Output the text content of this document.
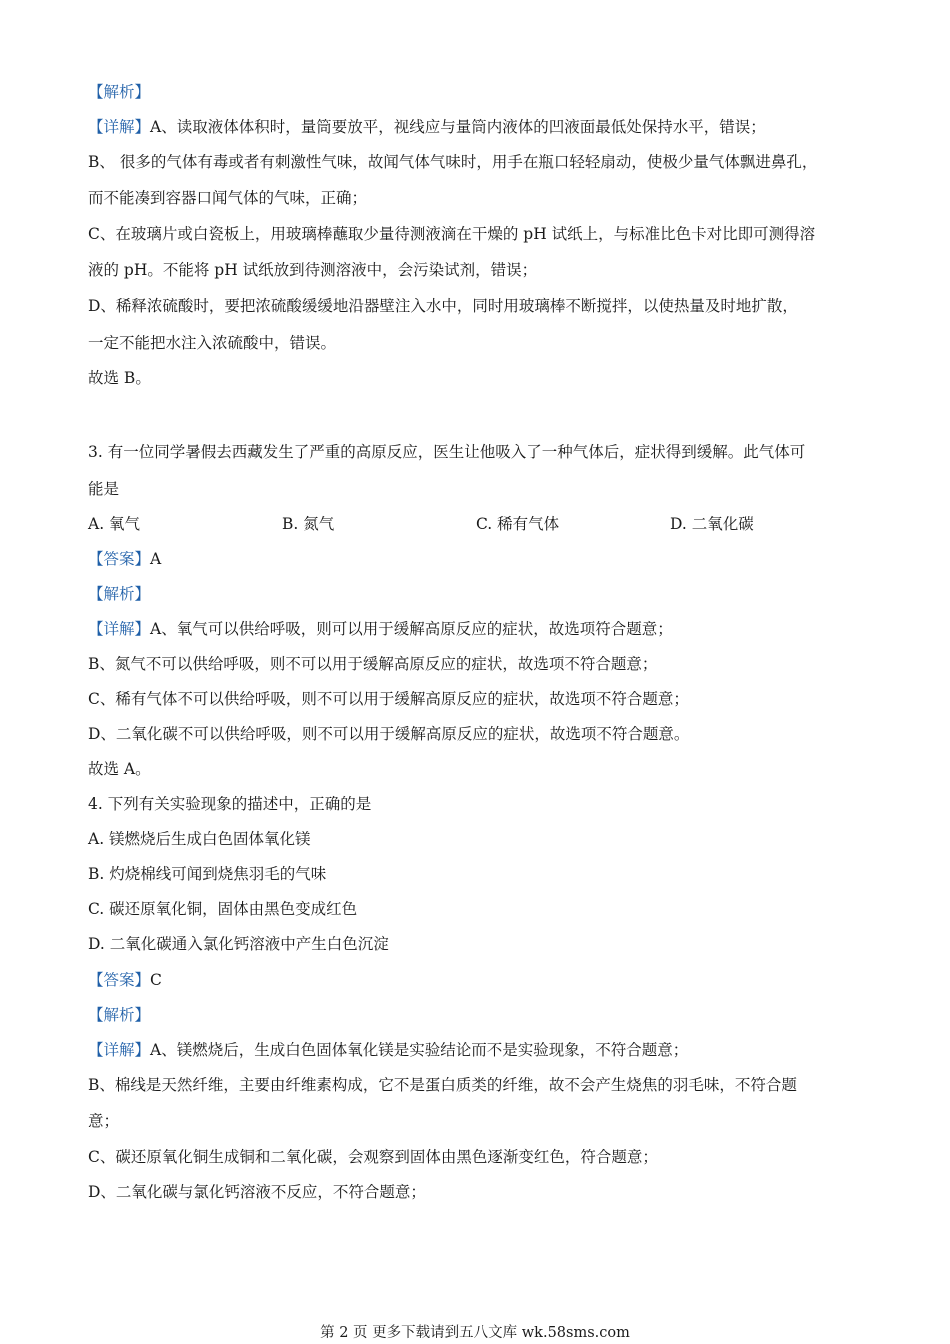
【解析】
【详解】A、读取液体体积时，量筒要放平，视线应与量筒内液体的凹液面最低处保持水平，错误；
B、 很多的气体有毒或者有刺激性气味，故闻气体气味时，用手在瓶口轻轻扇动，使极少量气体飘进鼻孔，
而不能凑到容器口闻气体的气味，正确；
C、在玻璃片或白瓷板上，用玻璃棒蘸取少量待测液滴在干燥的 pH 试纸上，与标准比色卡对比即可测得溶
液的 pH。不能将 pH 试纸放到待测溶液中，会污染试剂，错误；
D、稀释浓硫酸时，要把浓硫酸缓缓地沿器壁注入水中，同时用玻璃棒不断搅拌，以使热量及时地扩散，
一定不能把水注入浓硫酸中，错误。
故选 B。
3. 有一位同学暑假去西藏发生了严重的高原反应，医生让他吸入了一种气体后，症状得到缓解。此气体可
能是
A. 氧气	B. 氮气	C. 稀有气体	D. 二氧化碳
【答案】A
【解析】
【详解】A、氧气可以供给呼吸，则可以用于缓解高原反应的症状，故选项符合题意；
B、氮气不可以供给呼吸，则不可以用于缓解高原反应的症状，故选项不符合题意；
C、稀有气体不可以供给呼吸，则不可以用于缓解高原反应的症状，故选项不符合题意；
D、二氧化碳不可以供给呼吸，则不可以用于缓解高原反应的症状，故选项不符合题意。
故选 A。
4. 下列有关实验现象的描述中，正确的是
A. 镁燃烧后生成白色固体氧化镁
B. 灼烧棉线可闻到烧焦羽毛的气味
C. 碳还原氧化铜，固体由黑色变成红色
D. 二氧化碳通入氯化钙溶液中产生白色沉淀
【答案】C
【解析】
【详解】A、镁燃烧后，生成白色固体氧化镁是实验结论而不是实验现象，不符合题意；
B、棉线是天然纤维，主要由纤维素构成，它不是蛋白质类的纤维，故不会产生烧焦的羽毛味，不符合题
意；
C、碳还原氧化铜生成铜和二氧化碳，会观察到固体由黑色逐渐变红色，符合题意；
D、二氧化碳与氯化钙溶液不反应，不符合题意；
第 2 页 更多下载请到五八文库 wk.58sms.com
